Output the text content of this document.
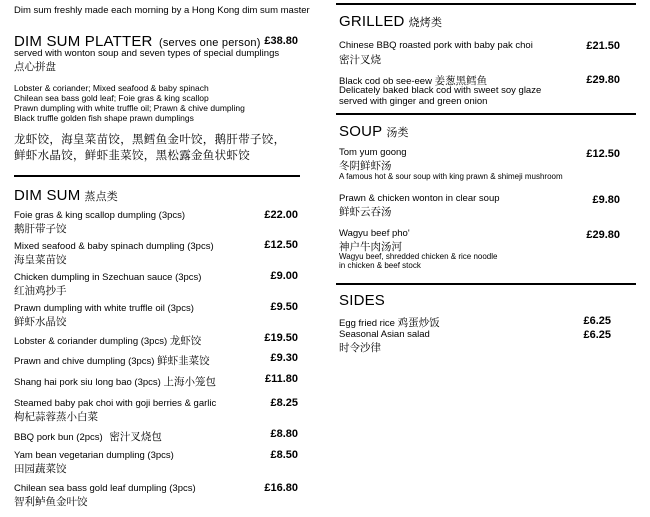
Dim sum freshly made each morning by a Hong Kong dim sum master
DIM SUM PLATTER (serves one person) £38.80
served with wonton soup and seven types of special dumplings
点心拼盘
Lobster & coriander; Mixed seafood & baby spinach
Chilean sea bass gold leaf; Foie gras & king scallop
Prawn dumpling with white truffle oil; Prawn & chive dumpling
Black truffle golden fish shape prawn dumplings
龙虾饺，海皇菜苗饺，黑鳕鱼金叶饺，鹅肝带子饺，
鲜虾水晶饺，鲜虾韭菜饺，黑松露金鱼状虾饺
DIM SUM 蒸点类
Foie gras & king scallop dumpling (3pcs)
鹅肝带子饺
£22.00
Mixed seafood & baby spinach dumpling (3pcs)
海皇菜苗饺
£12.50
Chicken dumpling in Szechuan sauce (3pcs)
红油鸡抄手
£9.00
Prawn dumpling with white truffle oil (3pcs)
鲜虾水晶饺
£9.50
Lobster & coriander dumpling (3pcs) 龙虾饺	£19.50
Prawn and chive dumpling (3pcs) 鲜虾韭菜饺	£9.30
Shang hai pork siu long bao (3pcs) 上海小笼包	£11.80
Steamed baby pak choi with goji berries & garlic
枸杞蒜蓉蒸小白菜
£8.25
BBQ pork bun (2pcs) 密汁叉烧包	£8.80
Yam bean vegetarian dumpling (3pcs)
田园蔬菜饺
£8.50
Chilean sea bass gold leaf dumpling (3pcs)
智利鲈鱼金叶饺
£16.80
GRILLED 烧烤类
Chinese BBQ roasted pork with baby pak choi
密汁叉烧
£21.50
Black cod ob see-eew 姜葱黑鳕鱼
Delicately baked black cod with sweet soy glaze
served with ginger and green onion
£29.80
SOUP 汤类
Tom yum goong
冬阴鲜虾汤
A famous hot & sour soup with king prawn & shimeji mushroom
£12.50
Prawn & chicken wonton in clear soup
鲜虾云吞汤
£9.80
Wagyu beef pho'
神户牛肉汤河
Wagyu beef, shredded chicken & rice noodle
in chicken & beef stock
£29.80
SIDES
Egg fried rice 鸡蛋炒饭	£6.25
Seasonal Asian salad
时令沙律
£6.25
